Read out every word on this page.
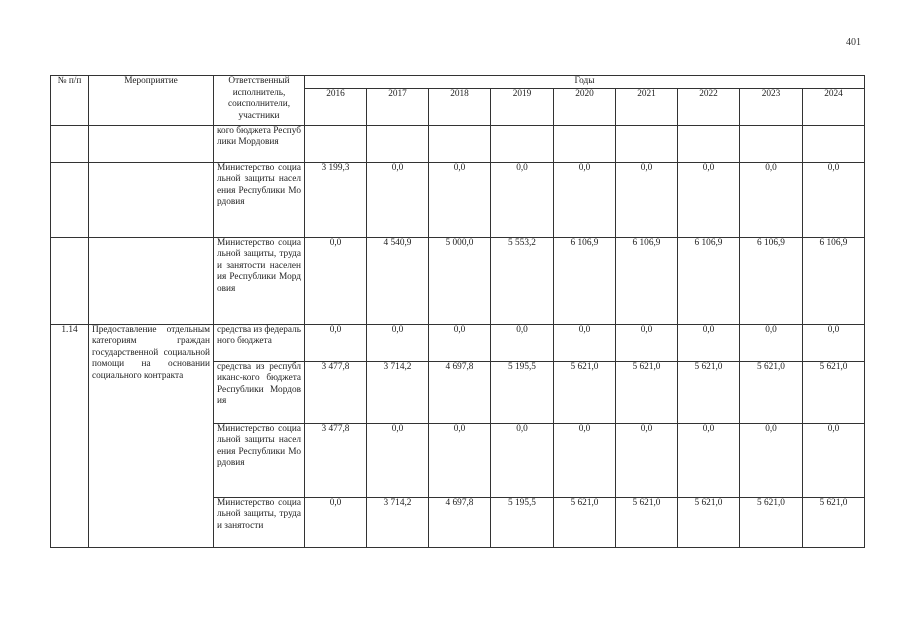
401
№ п/п	Мероприятие	Ответственный исполнитель, соисполнители, участники	Годы								
			2016	2017	2018	2019	2020	2021	2022	2023	2024
		кого бюджета Республики Мордовия									
		Министерство социальной защиты населения Республики Мордовия	3 199,3	0,0	0,0	0,0	0,0	0,0	0,0	0,0	0,0
		Министерство социальной защиты, труда и занятости населения Республики Мордовия	0,0	4 540,9	5 000,0	5 553,2	6 106,9	6 106,9	6 106,9	6 106,9	6 106,9
1.14	Предоставление отдельным категориям граждан государственной социальной помощи на основании социального контракта	средства из федерального бюджета	0,0	0,0	0,0	0,0	0,0	0,0	0,0	0,0	0,0
		средства из республиканс-кого бюджета Республики Мордовия	3 477,8	3 714,2	4 697,8	5 195,5	5 621,0	5 621,0	5 621,0	5 621,0	5 621,0
		Министерство социальной защиты населения Республики Мордовия	3 477,8	0,0	0,0	0,0	0,0	0,0	0,0	0,0	0,0
		Министерство социальной защиты, труда и занятости	0,0	3 714,2	4 697,8	5 195,5	5 621,0	5 621,0	5 621,0	5 621,0	5 621,0
